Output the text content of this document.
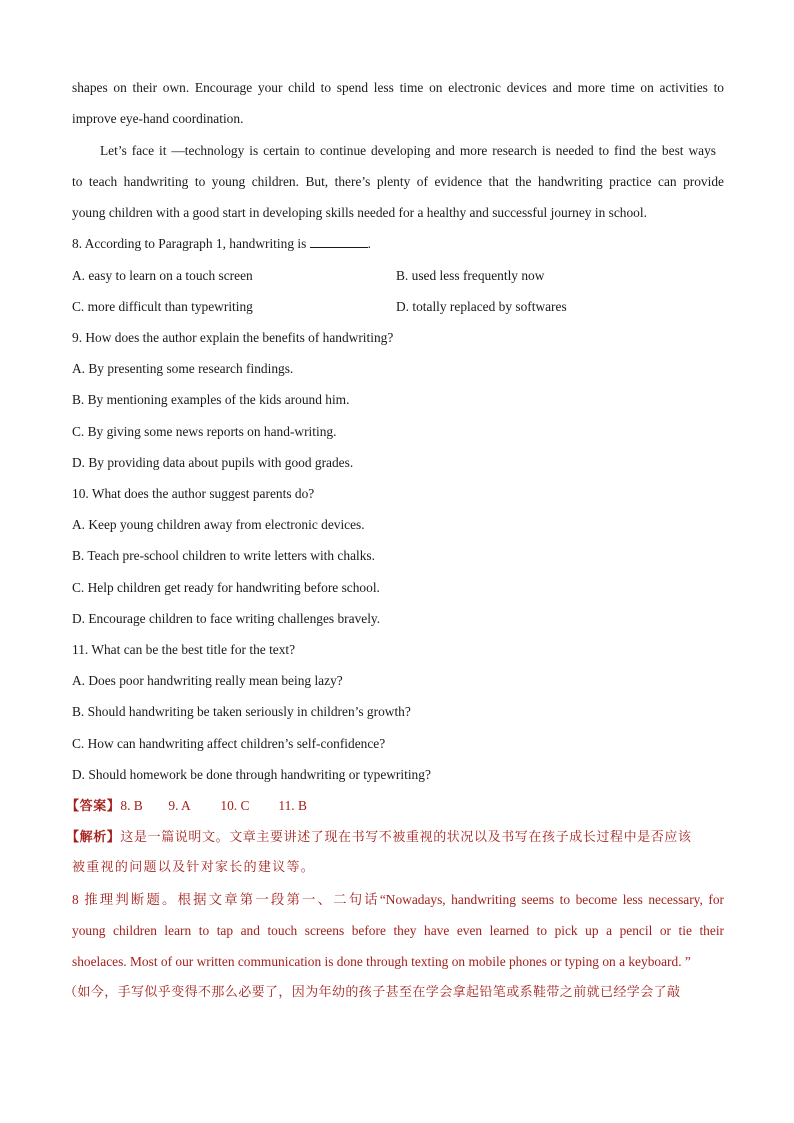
shapes on their own. Encourage your child to spend less time on electronic devices and more time on activities to
improve eye-hand coordination.
Let’s face it —technology is certain to continue developing and more research is needed to find the best ways
to teach handwriting to young children. But, there’s plenty of evidence that the handwriting practice can provide
young children with a good start in developing skills needed for a healthy and successful journey in school.
8. According to Paragraph 1, handwriting is	.
A. easy to learn on a touch screen	B. used less frequently now
C. more difficult than typewriting	D. totally replaced by softwares
9. How does the author explain the benefits of handwriting?
A. By presenting some research findings.
B. By mentioning examples of the kids around him.
C. By giving some news reports on hand-writing.
D. By providing data about pupils with good grades.
10. What does the author suggest parents do?
A. Keep young children away from electronic devices.
B. Teach pre-school children to write letters with chalks.
C. Help children get ready for handwriting before school.
D. Encourage children to face writing challenges bravely.
11. What can be the best title for the text?
A. Does poor handwriting really mean being lazy?
B. Should handwriting be taken seriously in children’s growth?
C. How can handwriting affect children’s self-confidence?
D. Should homework be done through handwriting or typewriting?
【答案】8. B 9. A 10. C 11. B
【解析】这是一篇说明文。文章主要讲述了现在书写不被重视的状况以及书写在孩子成长过程中是否应该
被重视的问题以及针对家长的建议等。
8 推理判断题。根据文章第一段第一、二句话“Nowadays, handwriting seems to become less necessary, for
young children learn to tap and touch screens before they have even learned to pick up a pencil or tie their
shoelaces. Most of our written communication is done through texting on mobile phones or typing on a keyboard. ”
（如今，手写似乎变得不那么必要了，因为年幼的孩子甚至在学会拿起铅笔或系鞋带之前就已经学会了敲
